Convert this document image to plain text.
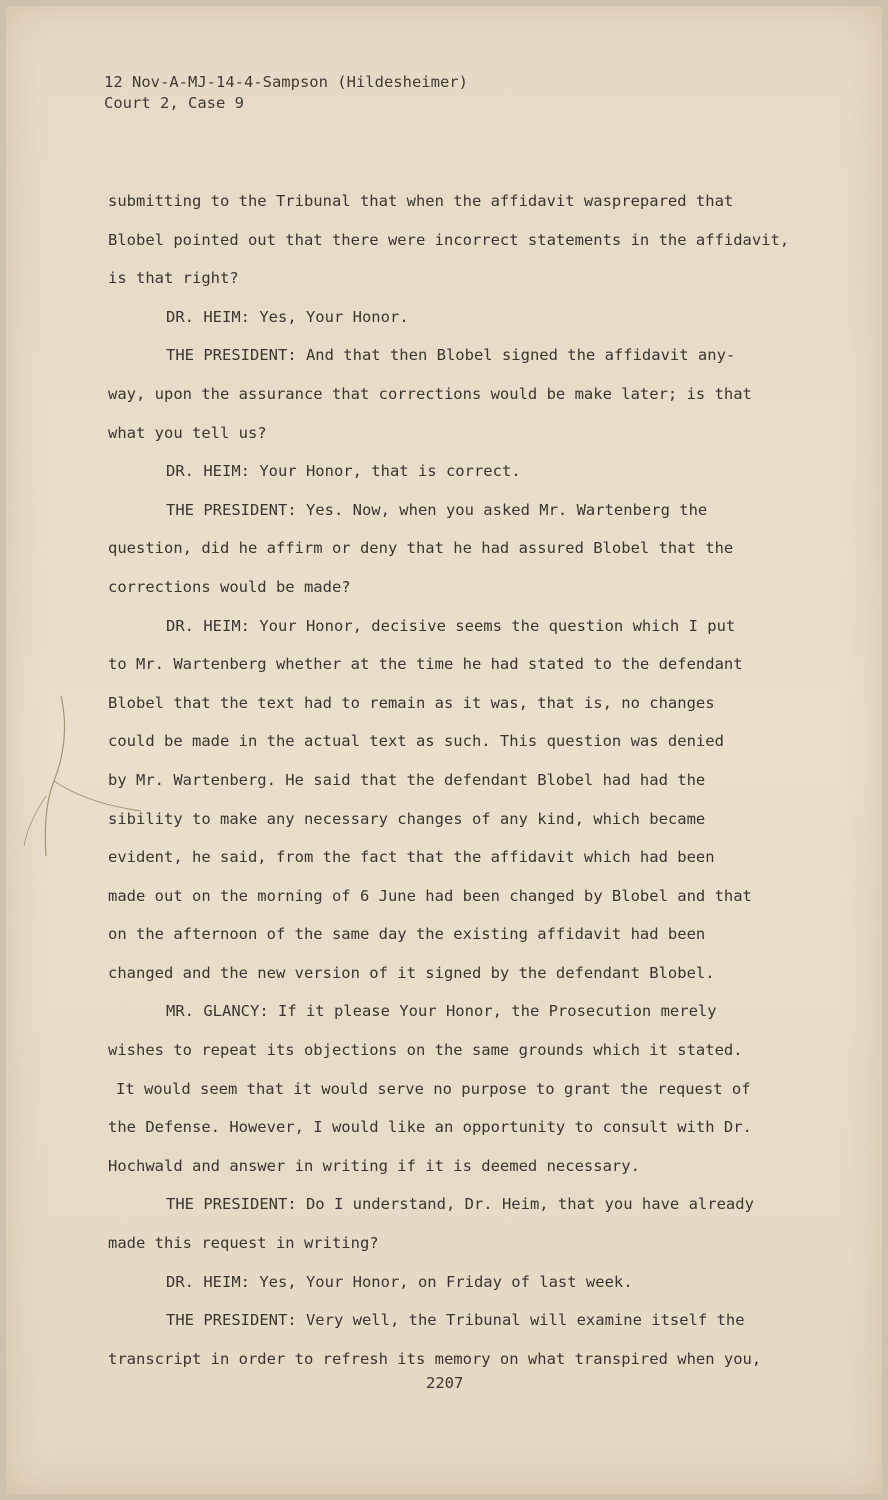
12 Nov-A-MJ-14-4-Sampson (Hildesheimer)
Court 2, Case 9
submitting to the Tribunal that when the affidavit wasprepared that
Blobel pointed out that there were incorrect statements in the affidavit,
is that right?
DR. HEIM: Yes, Your Honor.
THE PRESIDENT: And that then Blobel signed the affidavit any-
way, upon the assurance that corrections would be make later; is that
what you tell us?
DR. HEIM: Your Honor, that is correct.
THE PRESIDENT: Yes. Now, when you asked Mr. Wartenberg the
question, did he affirm or deny that he had assured Blobel that the
corrections would be made?
DR. HEIM: Your Honor, decisive seems the question which I put
to Mr. Wartenberg whether at the time he had stated to the defendant
Blobel that the text had to remain as it was, that is, no changes
could be made in the actual text as such. This question was denied
by Mr. Wartenberg. He said that the defendant Blobel had had the
sibility to make any necessary changes of any kind, which became
evident, he said, from the fact that the affidavit which had been
made out on the morning of 6 June had been changed by Blobel and that
on the afternoon of the same day the existing affidavit had been
changed and the new version of it signed by the defendant Blobel.
MR. GLANCY: If it please Your Honor, the Prosecution merely
wishes to repeat its objections on the same grounds which it stated.
It would seem that it would serve no purpose to grant the request of
the Defense. However, I would like an opportunity to consult with Dr.
Hochwald and answer in writing if it is deemed necessary.
THE PRESIDENT: Do I understand, Dr. Heim, that you have already
made this request in writing?
DR. HEIM: Yes, Your Honor, on Friday of last week.
THE PRESIDENT: Very well, the Tribunal will examine itself the
transcript in order to refresh its memory on what transpired when you,
2207
